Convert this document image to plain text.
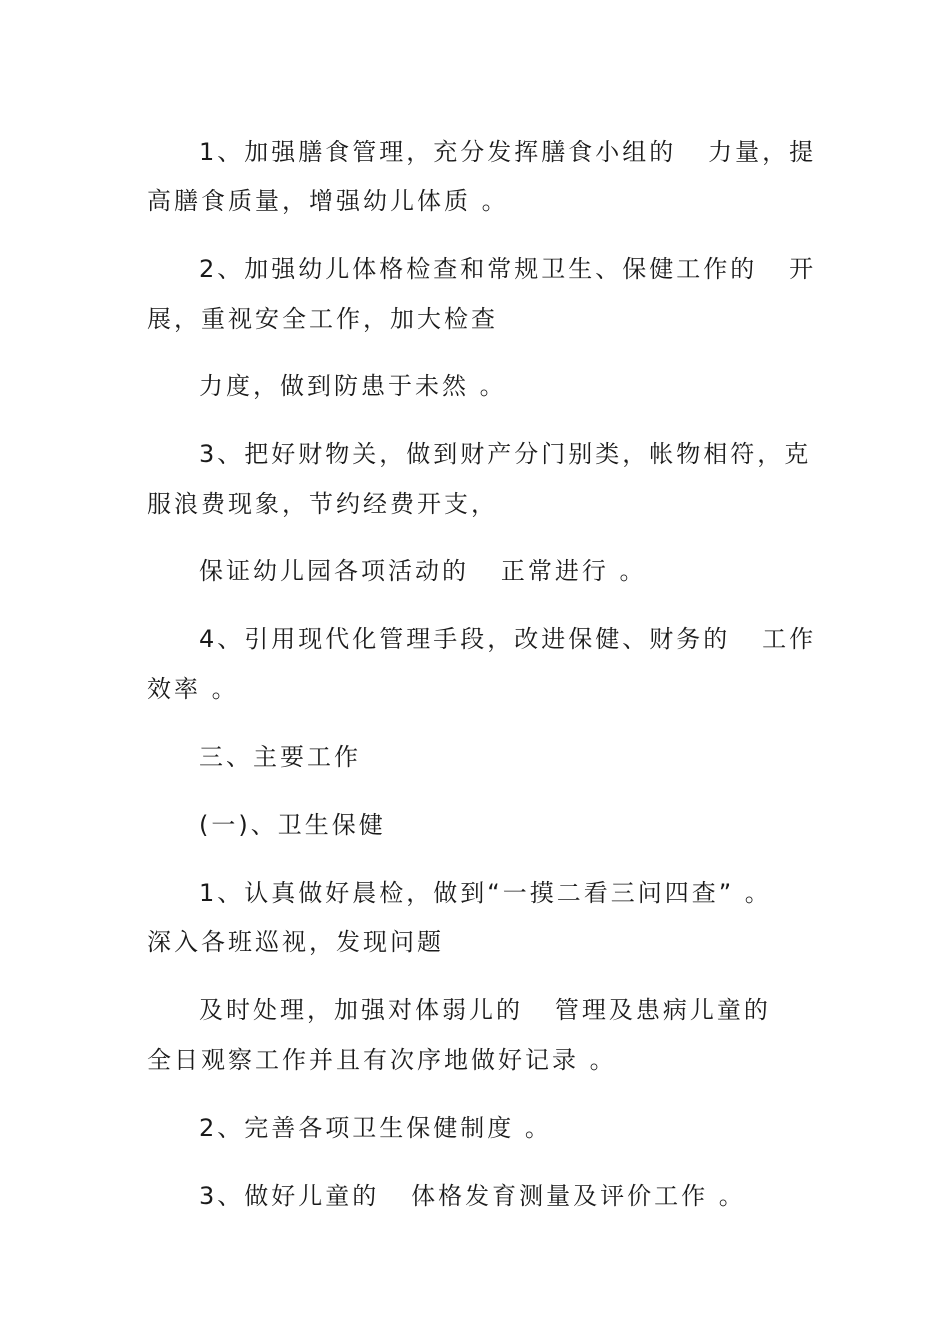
1、加强膳食管理，充分发挥膳食小组的   力量，提
高膳食质量，增强幼儿体质 。
2、加强幼儿体格检查和常规卫生、保健工作的   开
展，重视安全工作，加大检查
力度，做到防患于未然 。
3、把好财物关，做到财产分门别类，帐物相符，克
服浪费现象，节约经费开支，
保证幼儿园各项活动的   正常进行 。
4、引用现代化管理手段，改进保健、财务的   工作
效率 。
三、主要工作
(一)、卫生保健
1、认真做好晨检，做到“一摸二看三问四查” 。
深入各班巡视，发现问题
及时处理，加强对体弱儿的   管理及患病儿童的
全日观察工作并且有次序地做好记录 。
2、完善各项卫生保健制度 。
3、做好儿童的   体格发育测量及评价工作 。
